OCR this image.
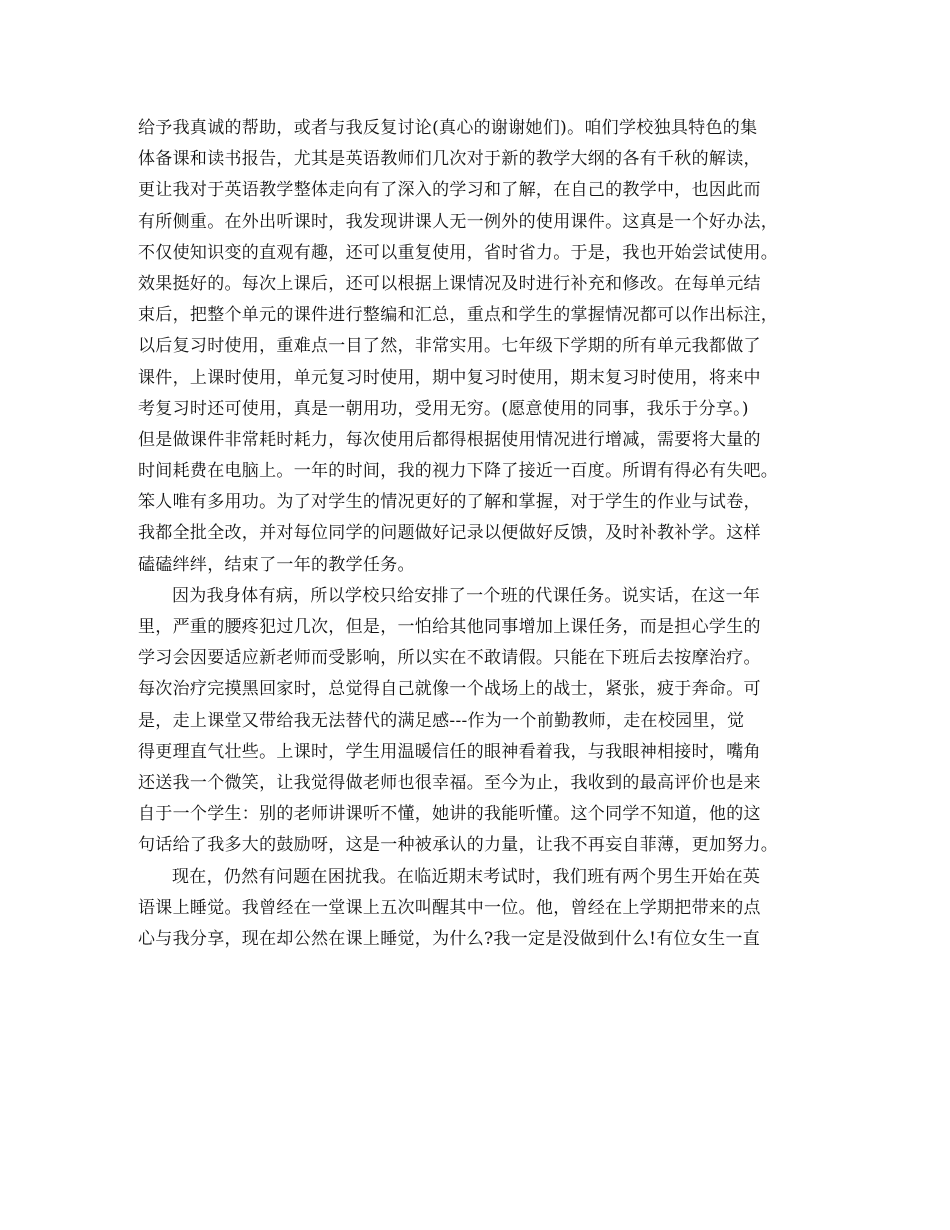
给予我真诚的帮助，或者与我反复讨论(真心的谢谢她们)。咱们学校独具特色的集
体备课和读书报告，尤其是英语教师们几次对于新的教学大纲的各有千秋的解读，
更让我对于英语教学整体走向有了深入的学习和了解，在自己的教学中，也因此而
有所侧重。在外出听课时，我发现讲课人无一例外的使用课件。这真是一个好办法，
不仅使知识变的直观有趣，还可以重复使用，省时省力。于是，我也开始尝试使用。
效果挺好的。每次上课后，还可以根据上课情况及时进行补充和修改。在每单元结
束后，把整个单元的课件进行整编和汇总，重点和学生的掌握情况都可以作出标注，
以后复习时使用，重难点一目了然，非常实用。七年级下学期的所有单元我都做了
课件，上课时使用，单元复习时使用，期中复习时使用，期末复习时使用，将来中
考复习时还可使用，真是一朝用功，受用无穷。(愿意使用的同事，我乐于分享。)
但是做课件非常耗时耗力，每次使用后都得根据使用情况进行增减，需要将大量的
时间耗费在电脑上。一年的时间，我的视力下降了接近一百度。所谓有得必有失吧。
笨人唯有多用功。为了对学生的情况更好的了解和掌握，对于学生的作业与试卷，
我都全批全改，并对每位同学的问题做好记录以便做好反馈，及时补教补学。这样
磕磕绊绊，结束了一年的教学任务。
因为我身体有病，所以学校只给安排了一个班的代课任务。说实话，在这一年
里，严重的腰疼犯过几次，但是，一怕给其他同事增加上课任务，而是担心学生的
学习会因要适应新老师而受影响，所以实在不敢请假。只能在下班后去按摩治疗。
每次治疗完摸黑回家时，总觉得自己就像一个战场上的战士，紧张，疲于奔命。可
是，走上课堂又带给我无法替代的满足感---作为一个前勤教师，走在校园里，觉
得更理直气壮些。上课时，学生用温暖信任的眼神看着我，与我眼神相接时，嘴角
还送我一个微笑，让我觉得做老师也很幸福。至今为止，我收到的最高评价也是来
自于一个学生：别的老师讲课听不懂，她讲的我能听懂。这个同学不知道，他的这
句话给了我多大的鼓励呀，这是一种被承认的力量，让我不再妄自菲薄，更加努力。
现在，仍然有问题在困扰我。在临近期末考试时，我们班有两个男生开始在英
语课上睡觉。我曾经在一堂课上五次叫醒其中一位。他，曾经在上学期把带来的点
心与我分享，现在却公然在课上睡觉，为什么?我一定是没做到什么!有位女生一直
